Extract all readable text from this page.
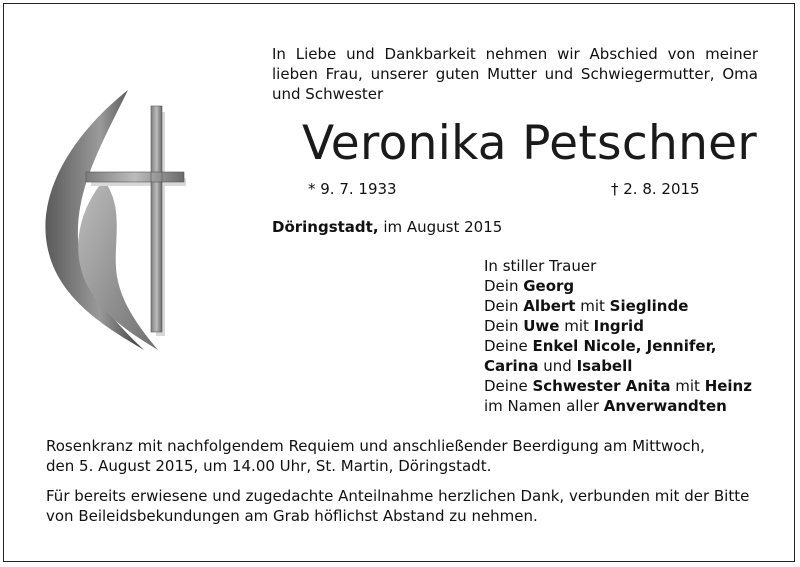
In Liebe und Dankbarkeit nehmen wir Abschied von meiner
lieben Frau, unserer guten Mutter und Schwiegermutter, Oma
und Schwester
Veronika Petschner
* 9. 7. 1933	† 2. 8. 2015
Döringstadt, im August 2015
In stiller Trauer
Dein Georg
Dein Albert mit Sieglinde
Dein Uwe mit Ingrid
Deine Enkel Nicole, Jennifer,
Carina und Isabell
Deine Schwester Anita mit Heinz
im Namen aller Anverwandten
Rosenkranz mit nachfolgendem Requiem und anschließender Beerdigung am Mittwoch,
den 5. August 2015, um 14.00 Uhr, St. Martin, Döringstadt.
Für bereits erwiesene und zugedachte Anteilnahme herzlichen Dank, verbunden mit der Bitte
von Beileidsbekundungen am Grab höflichst Abstand zu nehmen.
